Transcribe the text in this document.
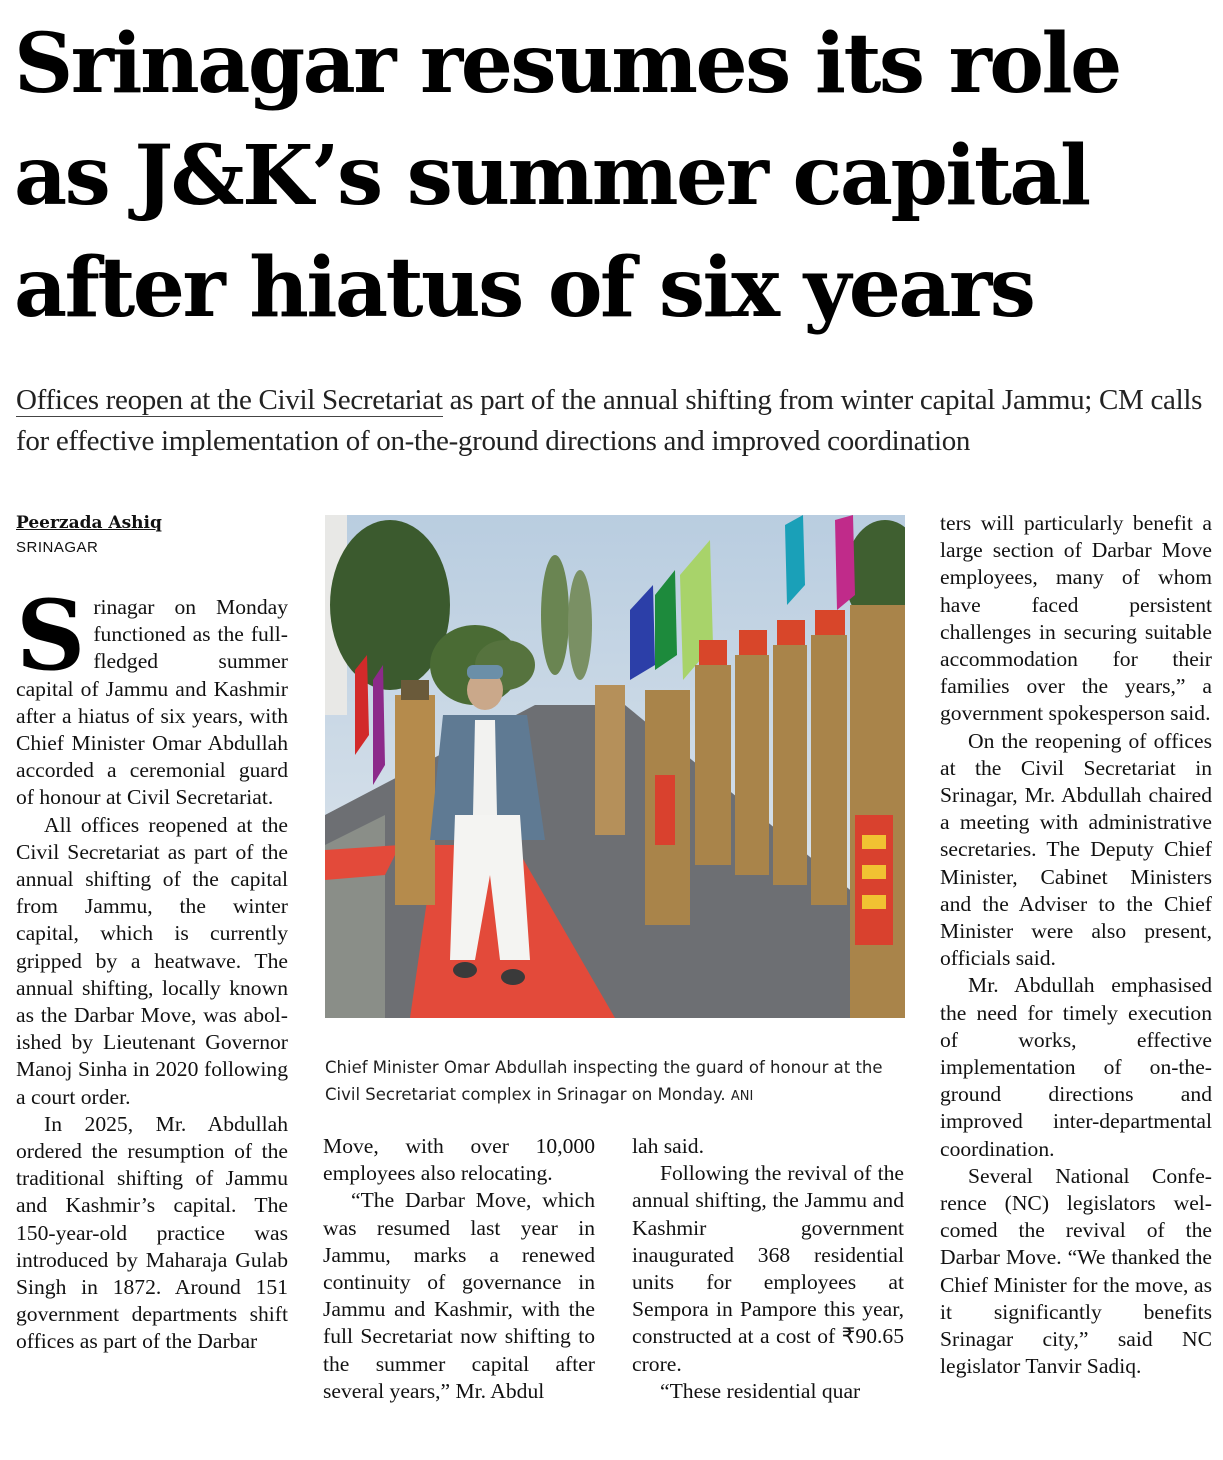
Srinagar resumes its role
as J&K’s summer capital
after hiatus of six years
Offices reopen at the Civil Secretariat as part of the annual shifting from winter capital Jammu; CM calls for effective implementation of on-the-ground directions and improved coordination
Peerzada Ashiq
SRINAGAR

Srinagar on Monday functioned as the full-fledged summer capital of Jammu and Kashmir after a hiatus of six years, with Chief Minister Omar Abdullah accorded a ceremonial guard of honour at Civil Secretariat.

All offices reopened at the Civil Secretariat as part of the annual shifting of the capital from Jammu, the winter capital, which is currently gripped by a heatwave. The annual shifting, locally known as the Darbar Move, was abolished by Lieutenant Governor Manoj Sinha in 2020 following a court order.

In 2025, Mr. Abdullah ordered the resumption of the traditional shifting of Jammu and Kashmir’s capital. The 150-year-old practice was introduced by Maharaja Gulab Singh in 1872. Around 151 government departments shift offices as part of the Darbar

Chief Minister Omar Abdullah inspecting the guard of honour at the Civil Secretariat complex in Srinagar on Monday. ANI

Move, with over 10,000 employees also relocating.

“The Darbar Move, which was resumed last year in Jammu, marks a renewed continuity of governance in Jammu and Kashmir, with the full Secretariat now shifting to the summer capital after several years,” Mr. Abdul

lah said.

Following the revival of the annual shifting, the Jammu and Kashmir government inaugurated 368 residential units for employees at Sempora in Pampore this year, constructed at a cost of ₹90.65 crore.

“These residential quar

ters will particularly benefit a large section of Darbar Move employees, many of whom have faced persistent challenges in securing suitable accommodation for their families over the years,” a government spokesperson said.

On the reopening of offices at the Civil Secretariat in Srinagar, Mr. Abdullah chaired a meeting with administrative secretaries. The Deputy Chief Minister, Cabinet Ministers and the Adviser to the Chief Minister were also present, officials said.

Mr. Abdullah emphasised the need for timely execution of works, effective implementation of on-the-ground directions and improved inter-departmental coordination.

Several National Conference (NC) legislators welcomed the revival of the Darbar Move. “We thanked the Chief Minister for the move, as it significantly benefits Srinagar city,” said NC legislator Tanvir Sadiq.
